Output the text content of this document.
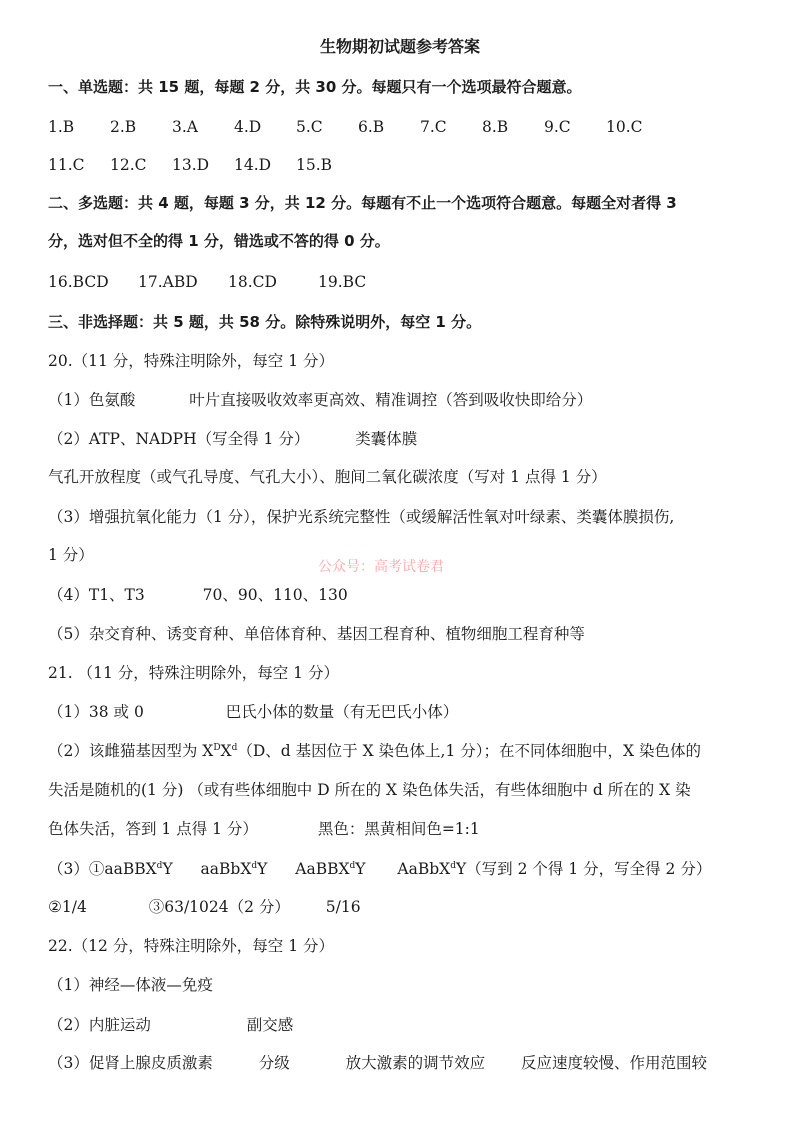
生物期初试题参考答案
一、单选题：共 15 题，每题 2 分，共 30 分。每题只有一个选项最符合题意。
1.B 2.B 3.A 4.D 5.C 6.B 7.C 8.B 9.C 10.C
11.C 12.C 13.D 14.D 15.B
二、多选题：共 4 题，每题 3 分，共 12 分。每题有不止一个选项符合题意。每题全对者得 3
分，选对但不全的得 1 分，错选或不答的得 0 分。
16.BCD 17.ABD 18.CD	19.BC
三、非选择题：共 5 题，共 58 分。除特殊说明外，每空 1 分。
20.（11 分，特殊注明除外，每空 1 分）
（1）色氨酸	叶片直接吸收效率更高效、精准调控（答到吸收快即给分）
（2）ATP、NADPH（写全得 1 分）	类囊体膜
气孔开放程度（或气孔导度、气孔大小）、胞间二氧化碳浓度（写对 1 点得 1 分）
（3）增强抗氧化能力（1 分），保护光系统完整性（或缓解活性氧对叶绿素、类囊体膜损伤,
1 分）
公众号：高考试卷君
（4）T1、T3	70、90、110、130
（5）杂交育种、诱变育种、单倍体育种、基因工程育种、植物细胞工程育种等
21. （11 分，特殊注明除外，每空 1 分）
（1）38 或 0	巴氏小体的数量（有无巴氏小体）
（2）该雌猫基因型为 $X^DX^d(D$、d 基因位于 X 染色体上,1 分）；在不同体细胞中，X 染色体的
失活是随机的(1 分) （或有些体细胞中 D 所在的 X 染色体失活，有些体细胞中 d 所在的 X 染
色体失活，答到 1 点得 1 分）	黑色：黑黄相间色=1:1
（3）①aaBBX$^d$Y aaBbX$^d$Y AaBBX$^d$Y AaBbX$^d$Y（写到 2 个得 1 分，写全得 2 分）
②1/4	③63/1024（2 分） 5/16
22.（12 分，特殊注明除外，每空 1 分）
（1）神经—体液—免疫
（2）内脏运动	副交感
（3）促肾上腺皮质激素	分级	放大激素的调节效应 反应速度较慢、作用范围较
